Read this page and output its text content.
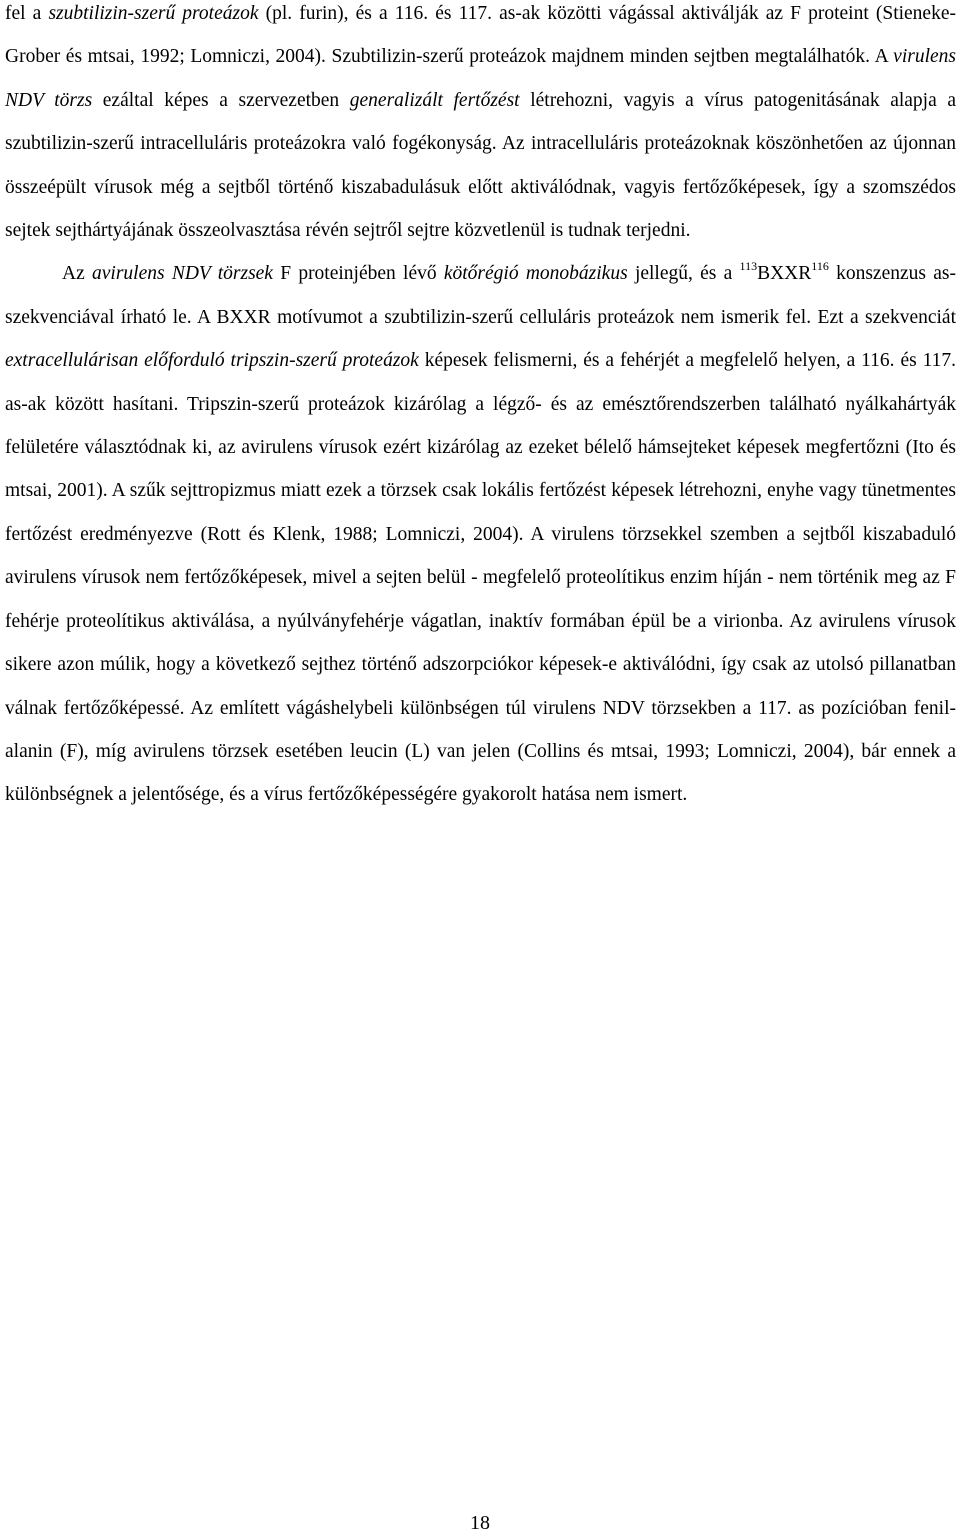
fel a szubtilizin-szerű proteázok (pl. furin), és a 116. és 117. as-ak közötti vágással aktiválják az F proteint (Stieneke-Grober és mtsai, 1992; Lomniczi, 2004). Szubtilizin-szerű proteázok majdnem minden sejtben megtalálhatók. A virulens NDV törzs ezáltal képes a szervezetben generalizált fertőzést létrehozni, vagyis a vírus patogenitásának alapja a szubtilizin-szerű intracelluláris proteázokra való fogékonyság. Az intracelluláris proteázoknak köszönhetően az újonnan összeépült vírusok még a sejtből történő kiszabadulásuk előtt aktiválódnak, vagyis fertőzőképesek, így a szomszédos sejtek sejthártyájának összeolvasztása révén sejtről sejtre közvetlenül is tudnak terjedni.

Az avirulens NDV törzsek F proteinjében lévő kötőrégió monobázikus jellegű, és a $^{113}$BXXR$^{116}$ konszenzus as-szekvenciával írható le. A BXXR motívumot a szubtilizin-szerű celluláris proteázok nem ismerik fel. Ezt a szekvenciát extracellulárisan előforduló tripszin-szerű proteázok képesek felismerni, és a fehérjét a megfelelő helyen, a 116. és 117. as-ak között hasítani. Tripszin-szerű proteázok kizárólag a légző- és az emésztőrendszerben található nyálkahártyák felületére választódnak ki, az avirulens vírusok ezért kizárólag az ezeket bélelő hámsejteket képesek megfertőzni (Ito és mtsai, 2001). A szűk sejttropizmus miatt ezek a törzsek csak lokális fertőzést képesek létrehozni, enyhe vagy tünetmentes fertőzést eredményezve (Rott és Klenk, 1988; Lomniczi, 2004). A virulens törzsekkel szemben a sejtből kiszabaduló avirulens vírusok nem fertőzőképesek, mivel a sejten belül - megfelelő proteolítikus enzim híján - nem történik meg az F fehérje proteolítikus aktiválása, a nyúlványfehérje vágatlan, inaktív formában épül be a virionba. Az avirulens vírusok sikere azon múlik, hogy a következő sejthez történő adszorpciókor képesek-e aktiválódni, így csak az utolsó pillanatban válnak fertőzőképessé. Az említett vágáshelybeli különbségen túl virulens NDV törzsekben a 117. as pozícióban fenil-alanin (F), míg avirulens törzsek esetében leucin (L) van jelen (Collins és mtsai, 1993; Lomniczi, 2004), bár ennek a különbségnek a jelentősége, és a vírus fertőzőképességére gyakorolt hatása nem ismert.

18
